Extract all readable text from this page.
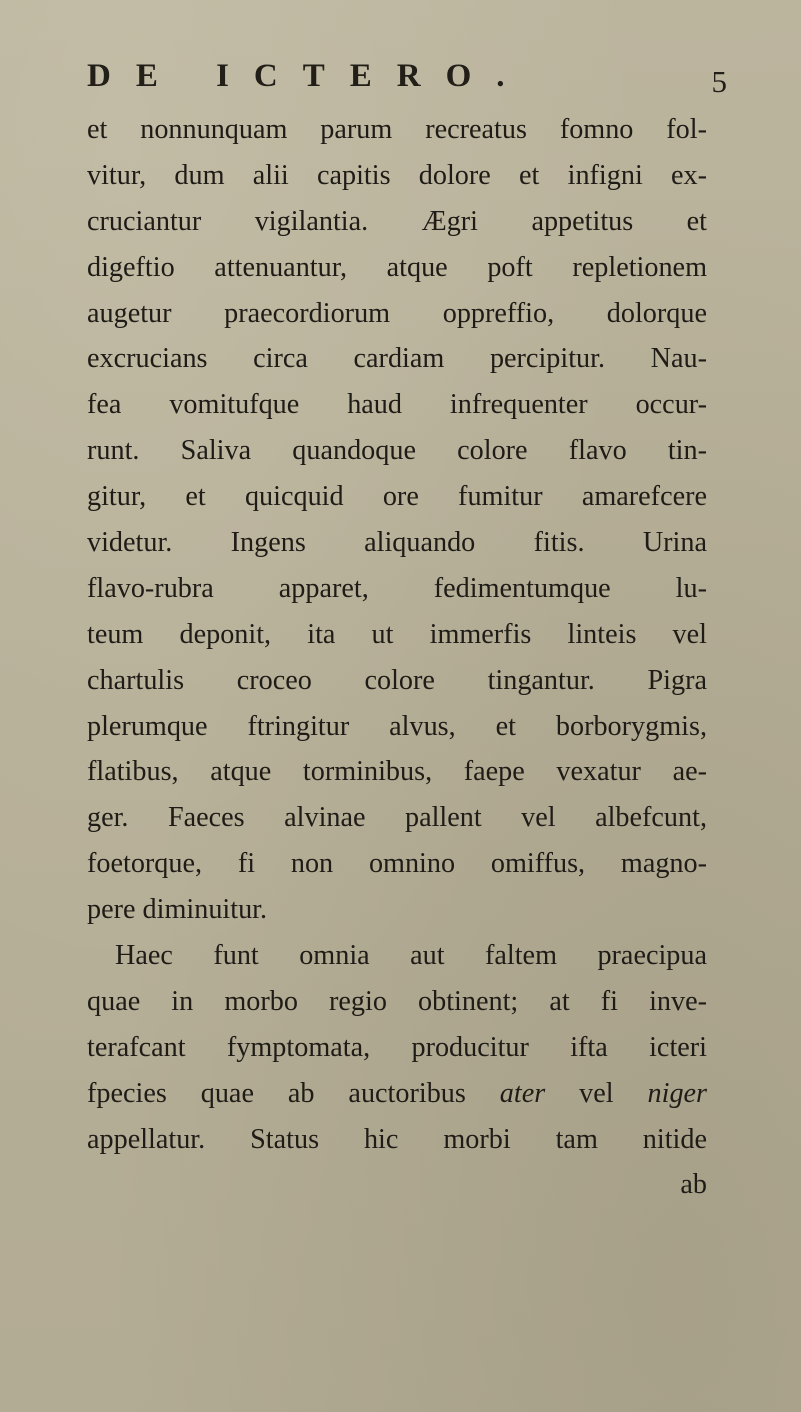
DE ICTERO.	5
et nonnunquam parum recreatus fomno fol-
vitur, dum alii capitis dolore et infigni ex-
cruciantur vigilantia. Ægri appetitus et
digeftio attenuantur, atque poft repletionem
augetur praecordiorum oppreffio, dolorque
excrucians circa cardiam percipitur. Nau-
fea vomitufque haud infrequenter occur-
runt. Saliva quandoque colore flavo tin-
gitur, et quicquid ore fumitur amarefcere
videtur. Ingens aliquando fitis. Urina
flavo-rubra apparet, fedimentumque lu-
teum deponit, ita ut immerfis linteis vel
chartulis croceo colore tingantur. Pigra
plerumque ftringitur alvus, et borborygmis,
flatibus, atque torminibus, faepe vexatur ae-
ger. Faeces alvinae pallent vel albefcunt,
foetorque, fi non omnino omiffus, magno-
pere diminuitur.
Haec funt omnia aut faltem praecipua
quae in morbo regio obtinent; at fi inve-
terafcant fymptomata, producitur ifta icteri
fpecies quae ab auctoribus ater vel niger
appellatur. Status hic morbi tam nitide
ab
